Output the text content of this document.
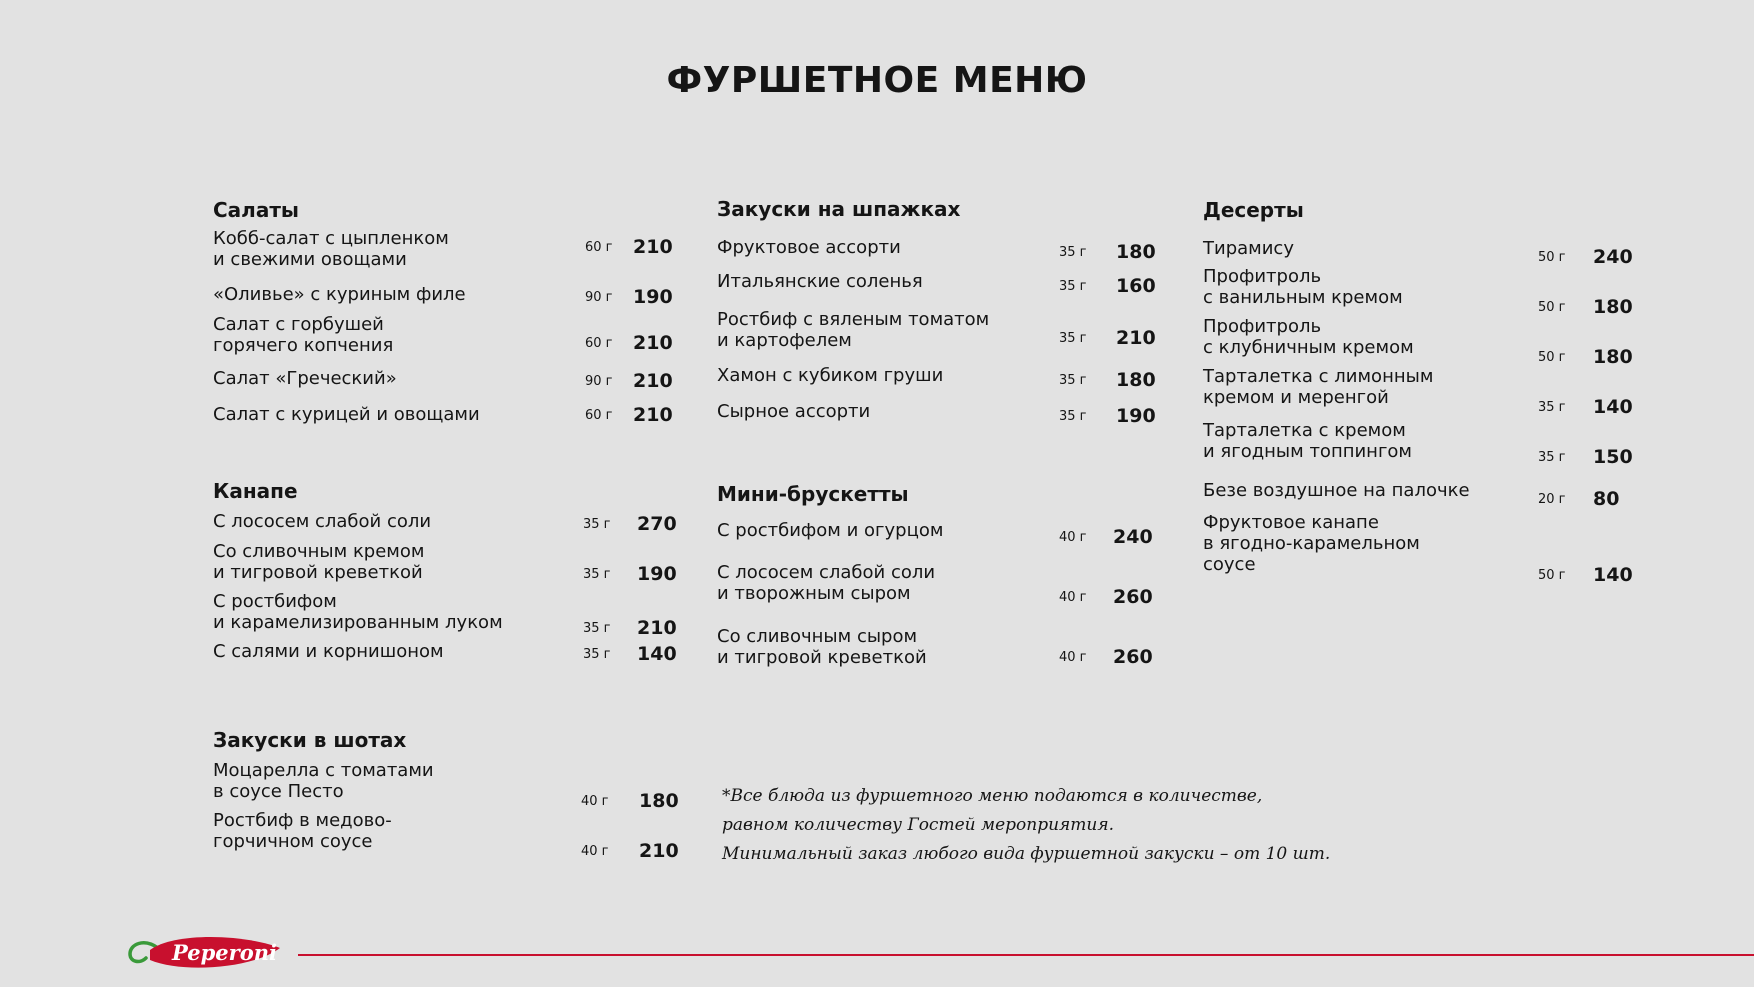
ФУРШЕТНОЕ МЕНЮ
Салаты
Кобб-салат с цыпленком
и свежими овощами
60 г 210
«Оливье» с куриным филе	90 г 190
Салат с горбушей
горячего копчения	60 г 210
Салат «Греческий»	90 г 210
Салат с курицей и овощами	60 г 210
Канапе
С лососем слабой соли	35 г 270
Со сливочным кремом
и тигровой креветкой	35 г 190
С ростбифом
и карамелизированным луком	35 г 210
С салями и корнишоном	35 г 140
Закуски в шотах
Моцарелла с томатами
в соусе Песто	40 г 180
Ростбиф в медово-
горчичном соусе	40 г 210
Закуски на шпажках
Фруктовое ассорти	35 г 180
Итальянские соленья	35 г 160
Ростбиф с вяленым томатом
и картофелем	35 г 210
Хамон с кубиком груши	35 г 180
Сырное ассорти	35 г 190
Мини-брускетты
С ростбифом и огурцом	40 г 240
С лососем слабой соли
и творожным сыром	40 г 260
Со сливочным сыром
и тигровой креветкой	40 г 260
Десерты
Тирамису	50 г 240
Профитроль
с ванильным кремом	50 г 180
Профитроль
с клубничным кремом	50 г 180
Тарталетка с лимонным
кремом и меренгой	35 г 140
Тарталетка с кремом
и ягодным топпингом	35 г 150
Безе воздушное на палочке	20 г 80
Фруктовое канапе
в ягодно-карамельном
соусе
50 г 140
*Все блюда из фуршетного меню подаются в количестве,
равном количеству Гостей мероприятия.
Минимальный заказ любого вида фуршетной закуски – от 10 шт.
Peperoni
